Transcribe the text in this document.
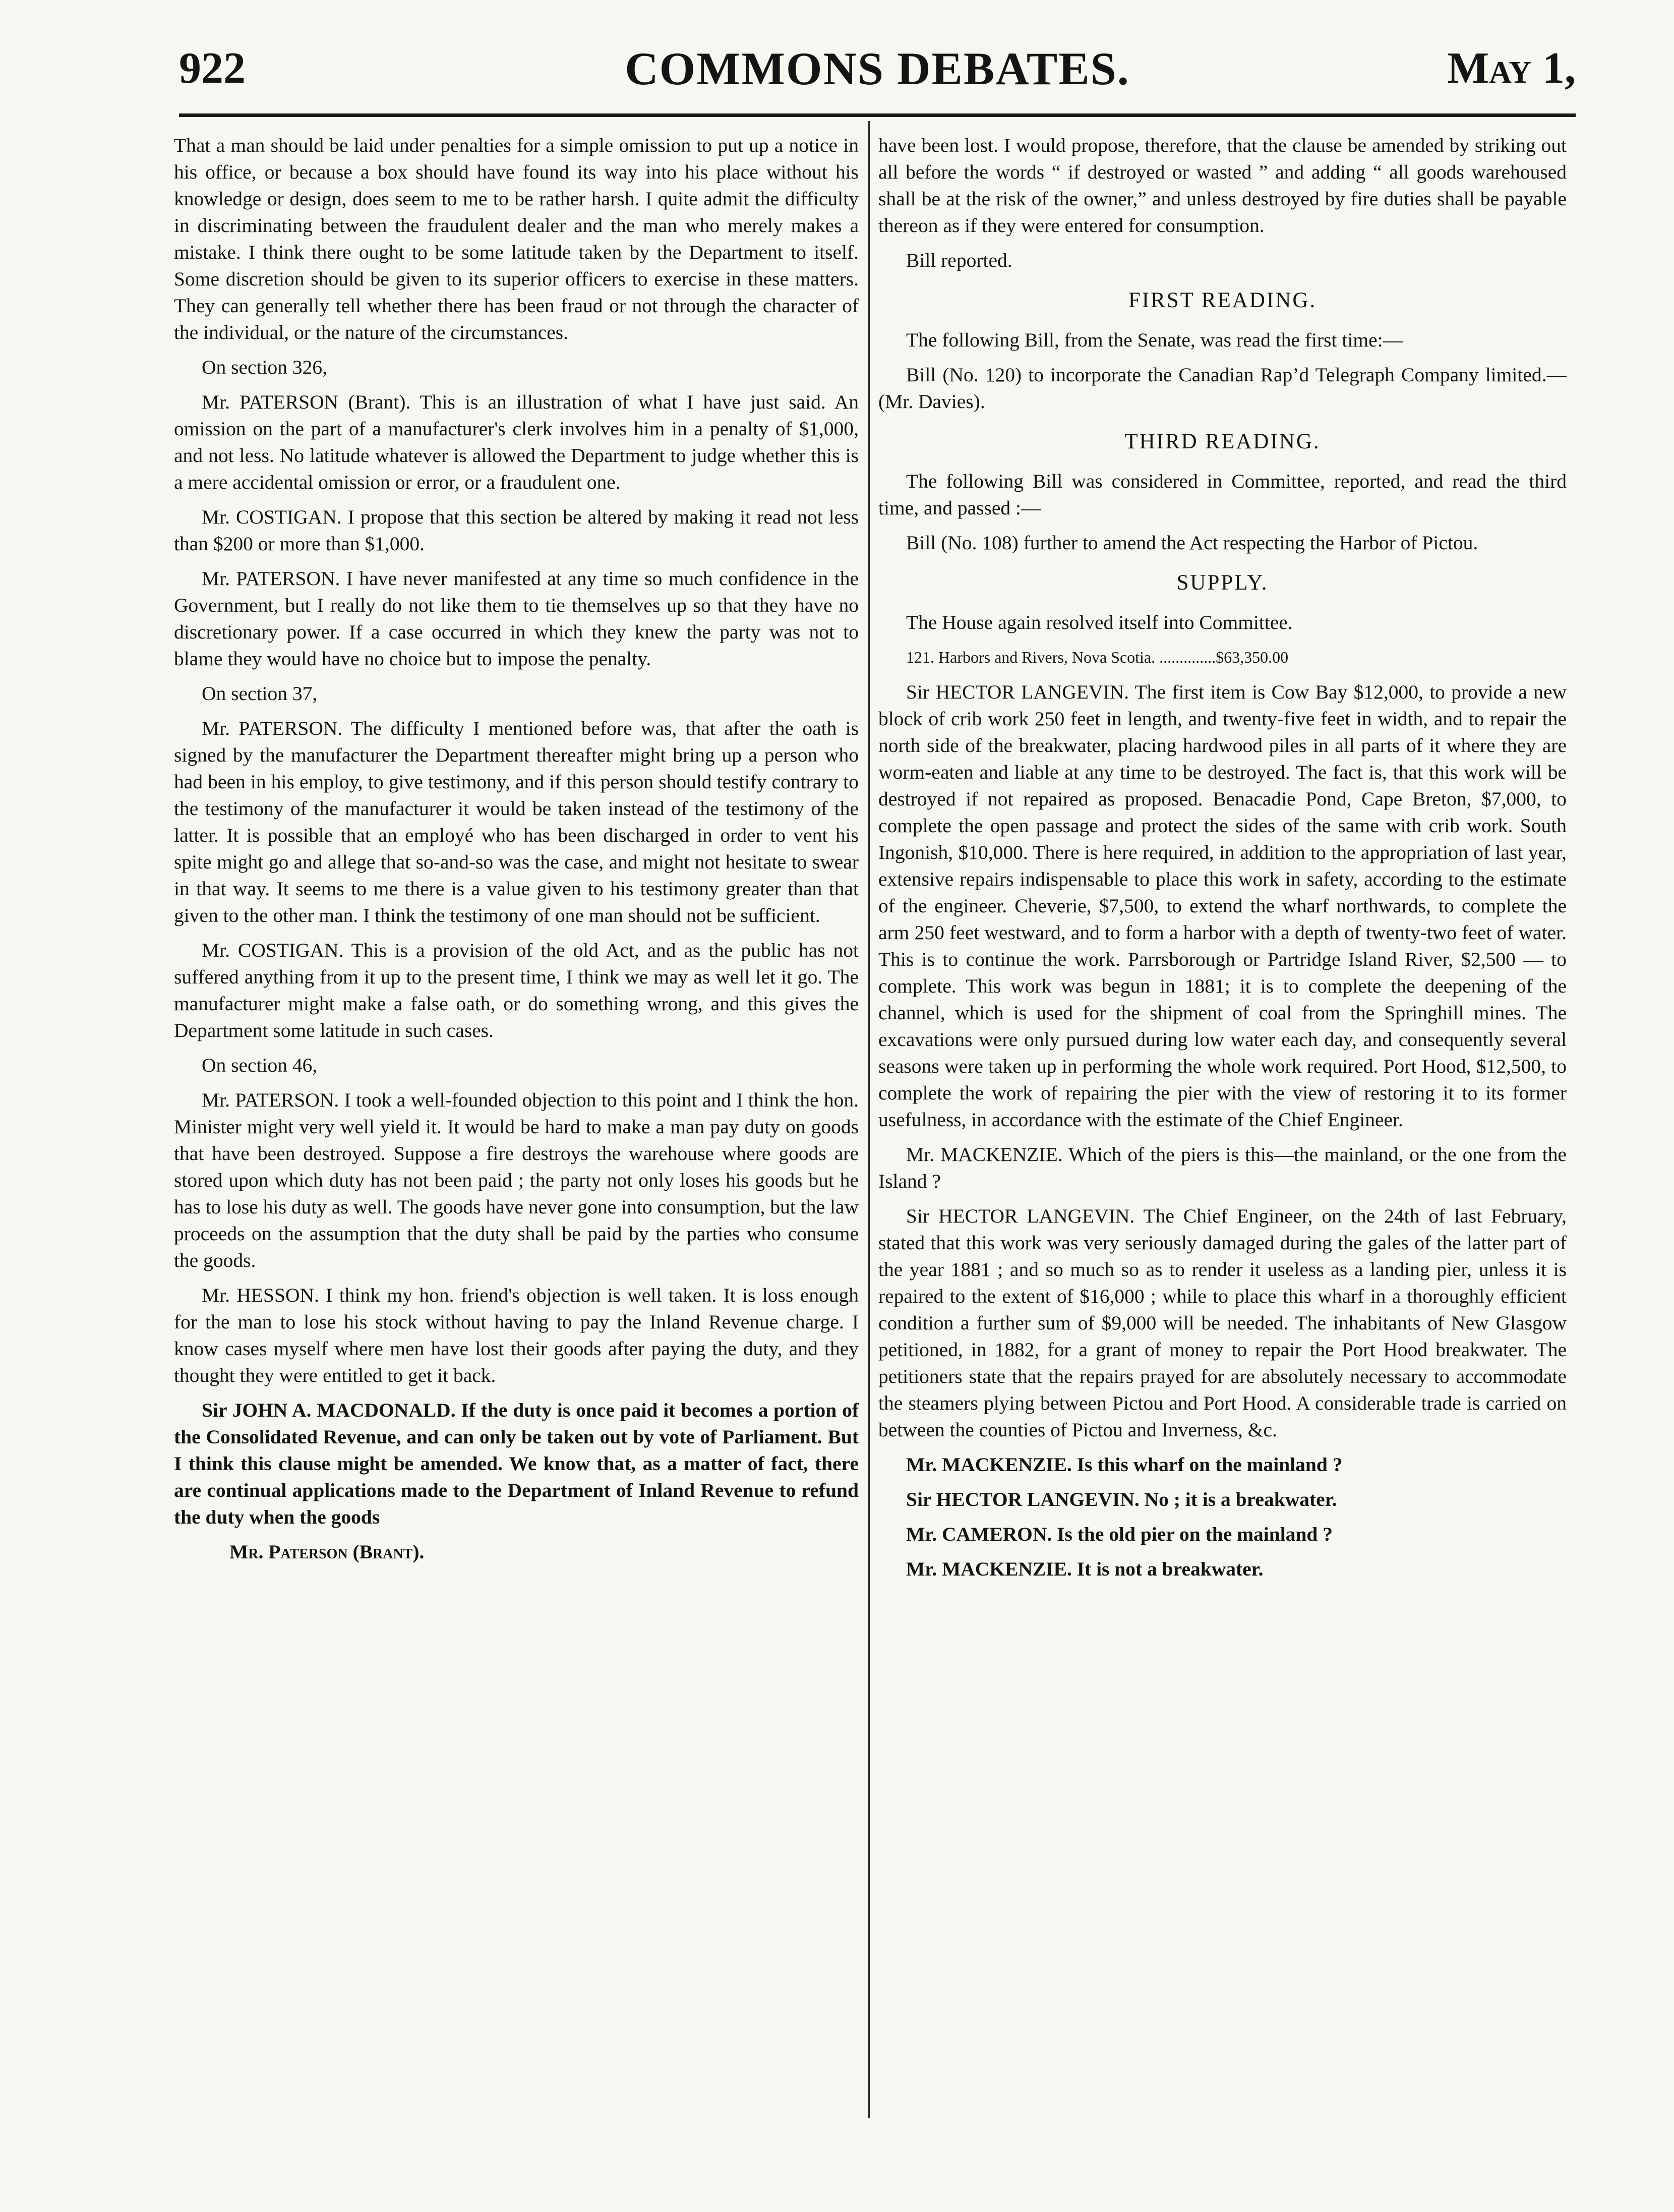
922	COMMONS DEBATES.	May 1,

That a man should be laid under penalties for a simple omission to put up a notice in his office, or because a box should have found its way into his place without his knowledge or design, does seem to me to be rather harsh. I quite admit the difficulty in discriminating between the fraudulent dealer and the man who merely makes a mistake. I think there ought to be some latitude taken by the Department to itself. Some discretion should be given to its superior officers to exercise in these matters. They can generally tell whether there has been fraud or not through the character of the individual, or the nature of the circumstances.

On section 326,

Mr. PATERSON (Brant). This is an illustration of what I have just said. An omission on the part of a manufacturer's clerk involves him in a penalty of $1,000, and not less. No latitude whatever is allowed the Department to judge whether this is a mere accidental omission or error, or a fraudulent one.

Mr. COSTIGAN. I propose that this section be altered by making it read not less than $200 or more than $1,000.

Mr. PATERSON. I have never manifested at any time so much confidence in the Government, but I really do not like them to tie themselves up so that they have no discretionary power. If a case occurred in which they knew the party was not to blame they would have no choice but to impose the penalty.

On section 37,

Mr. PATERSON. The difficulty I mentioned before was, that after the oath is signed by the manufacturer the Department thereafter might bring up a person who had been in his employ, to give testimony, and if this person should testify contrary to the testimony of the manufacturer it would be taken instead of the testimony of the latter. It is possible that an employé who has been discharged in order to vent his spite might go and allege that so-and-so was the case, and might not hesitate to swear in that way. It seems to me there is a value given to his testimony greater than that given to the other man. I think the testimony of one man should not be sufficient.

Mr. COSTIGAN. This is a provision of the old Act, and as the public has not suffered anything from it up to the present time, I think we may as well let it go. The manufacturer might make a false oath, or do something wrong, and this gives the Department some latitude in such cases.

On section 46,

Mr. PATERSON. I took a well-founded objection to this point and I think the hon. Minister might very well yield it. It would be hard to make a man pay duty on goods that have been destroyed. Suppose a fire destroys the warehouse where goods are stored upon which duty has not been paid ; the party not only loses his goods but he has to lose his duty as well. The goods have never gone into consumption, but the law proceeds on the assumption that the duty shall be paid by the parties who consume the goods.

Mr. HESSON. I think my hon. friend's objection is well taken. It is loss enough for the man to lose his stock without having to pay the Inland Revenue charge. I know cases myself where men have lost their goods after paying the duty, and they thought they were entitled to get it back.

Sir JOHN A. MACDONALD. If the duty is once paid it becomes a portion of the Consolidated Revenue, and can only be taken out by vote of Parliament. But I think this clause might be amended. We know that, as a matter of fact, there are continual applications made to the Department of Inland Revenue to refund the duty when the goods

Mr. Paterson (Brant).

have been lost. I would propose, therefore, that the clause be amended by striking out all before the words “ if destroyed or wasted ” and adding “ all goods warehoused shall be at the risk of the owner,” and unless destroyed by fire duties shall be payable thereon as if they were entered for consumption.

Bill reported.

FIRST READING.

The following Bill, from the Senate, was read the first time:—

Bill (No. 120) to incorporate the Canadian Rap’d Telegraph Company limited.—(Mr. Davies).

THIRD READING.

The following Bill was considered in Committee, reported, and read the third time, and passed :—

Bill (No. 108) further to amend the Act respecting the Harbor of Pictou.

SUPPLY.

The House again resolved itself into Committee.

121. Harbors and Rivers, Nova Scotia. ..............$63,350.00

Sir HECTOR LANGEVIN. The first item is Cow Bay $12,000, to provide a new block of crib work 250 feet in length, and twenty-five feet in width, and to repair the north side of the breakwater, placing hardwood piles in all parts of it where they are worm-eaten and liable at any time to be destroyed. The fact is, that this work will be destroyed if not repaired as proposed. Benacadie Pond, Cape Breton, $7,000, to complete the open passage and protect the sides of the same with crib work. South Ingonish, $10,000. There is here required, in addition to the appropriation of last year, extensive repairs indispensable to place this work in safety, according to the estimate of the engineer. Cheverie, $7,500, to extend the wharf northwards, to complete the arm 250 feet westward, and to form a harbor with a depth of twenty-two feet of water. This is to continue the work. Parrsborough or Partridge Island River, $2,500 — to complete. This work was begun in 1881; it is to complete the deepening of the channel, which is used for the shipment of coal from the Springhill mines. The excavations were only pursued during low water each day, and consequently several seasons were taken up in performing the whole work required. Port Hood, $12,500, to complete the work of repairing the pier with the view of restoring it to its former usefulness, in accordance with the estimate of the Chief Engineer.

Mr. MACKENZIE. Which of the piers is this—the mainland, or the one from the Island ?

Sir HECTOR LANGEVIN. The Chief Engineer, on the 24th of last February, stated that this work was very seriously damaged during the gales of the latter part of the year 1881 ; and so much so as to render it useless as a landing pier, unless it is repaired to the extent of $16,000 ; while to place this wharf in a thoroughly efficient condition a further sum of $9,000 will be needed. The inhabitants of New Glasgow petitioned, in 1882, for a grant of money to repair the Port Hood breakwater. The petitioners state that the repairs prayed for are absolutely necessary to accommodate the steamers plying between Pictou and Port Hood. A considerable trade is carried on between the counties of Pictou and Inverness, &c.

Mr. MACKENZIE. Is this wharf on the mainland ?

Sir HECTOR LANGEVIN. No ; it is a breakwater.

Mr. CAMERON. Is the old pier on the mainland ?

Mr. MACKENZIE. It is not a breakwater.
